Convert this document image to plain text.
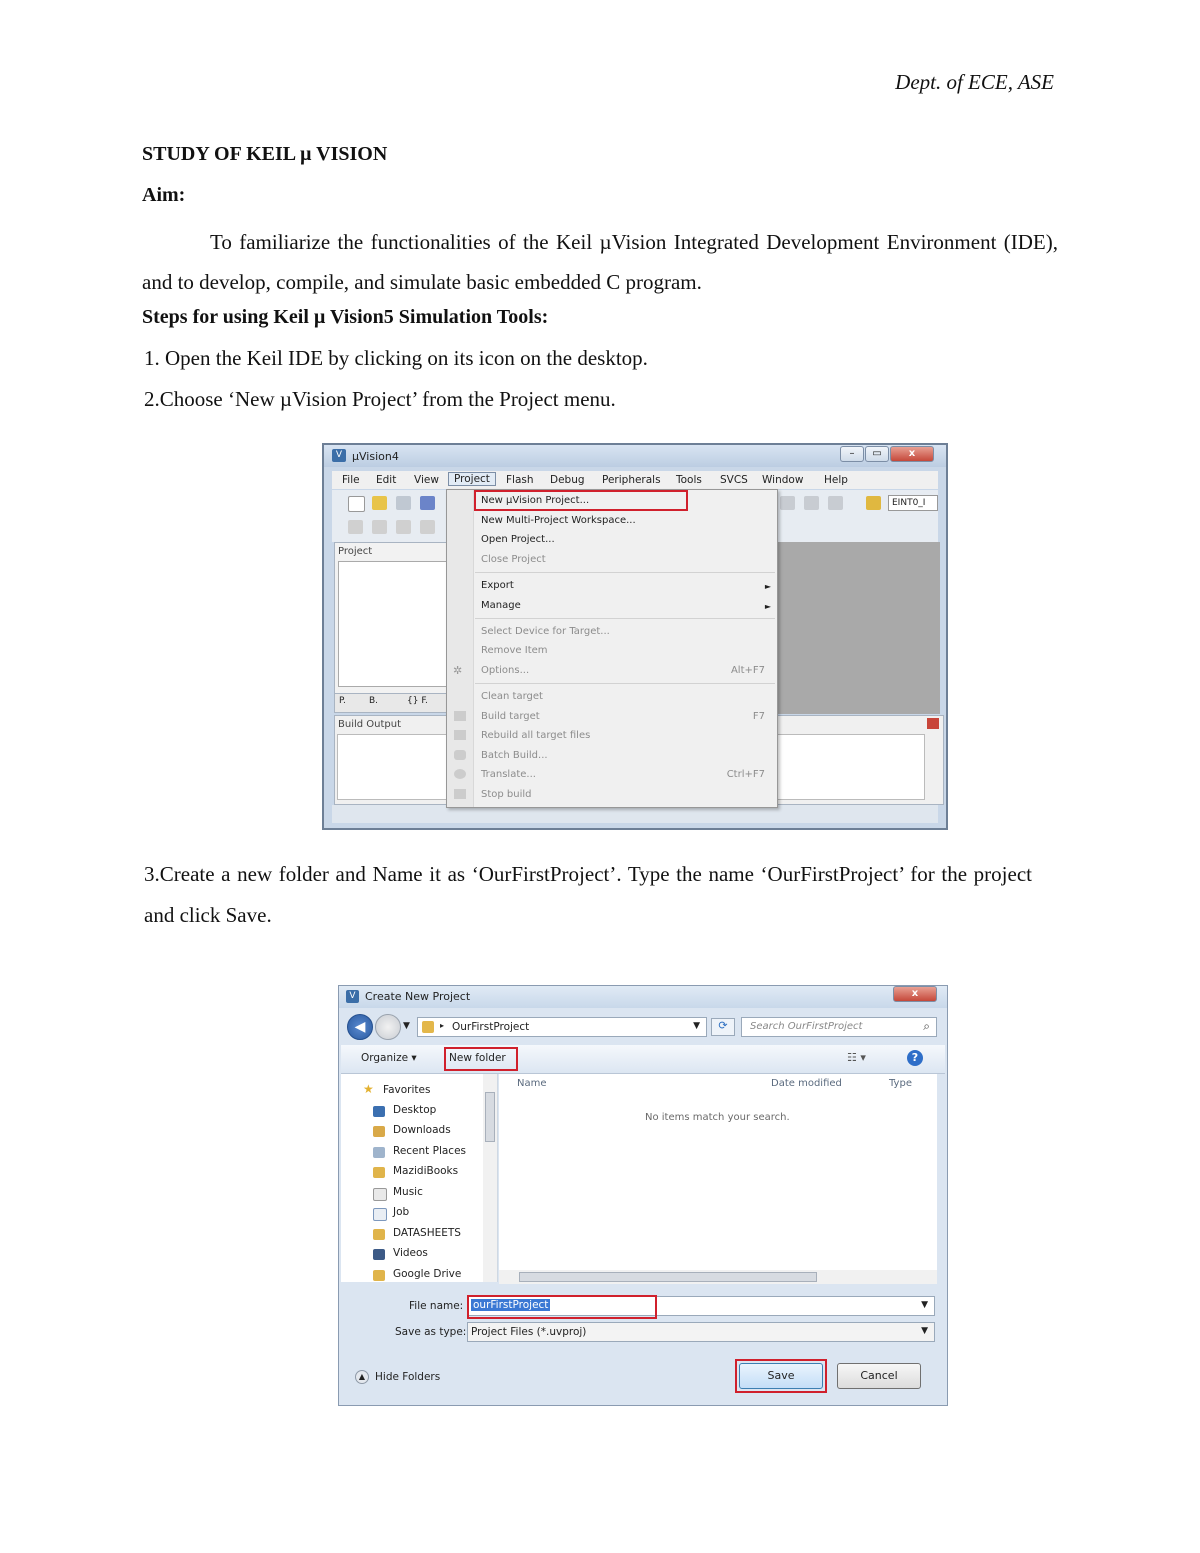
Dept. of ECE, ASE
STUDY OF KEIL µ VISION
Aim:
To familiarize the functionalities of the Keil µVision Integrated Development Environment (IDE), and to develop, compile, and simulate basic embedded C program.
Steps for using Keil µ Vision5 Simulation Tools:
1. Open the Keil IDE by clicking on its icon on the desktop.
2.Choose ‘New µVision Project’ from the Project menu.
V µVision4	–	▭	x
File Edit View	Project	Flash Debug Peripherals Tools SVCS Window Help
EINT0_I
Project
P.	B.	{} F.
Build Output
New µVision Project...
New Multi-Project Workspace...
Open Project...
Close Project
Export	►
Manage	►
Select Device for Target...
Remove Item
Options...	Alt+F7
✲
Clean target
Build target	F7
Rebuild all target files
Batch Build...
Translate...	Ctrl+F7
Stop build
3.Create a new folder and Name it as ‘OurFirstProject’. Type the name ‘OurFirstProject’ for the project and click Save.
V Create New Project	x
◀	▼	▸ OurFirstProject	▼	⟳	Search OurFirstProject	⌕
Organize ▾	New folder	☷ ▾	?
★ Favorites
Desktop
Downloads
Recent Places
MazidiBooks
Music
Job
DATASHEETS
Videos
Google Drive
Name	Date modified	Type
No items match your search.
File name: ourFirstProject	▼
Save as type: Project Files (*.uvproj)	▼
▲ Hide Folders	Save	Cancel
